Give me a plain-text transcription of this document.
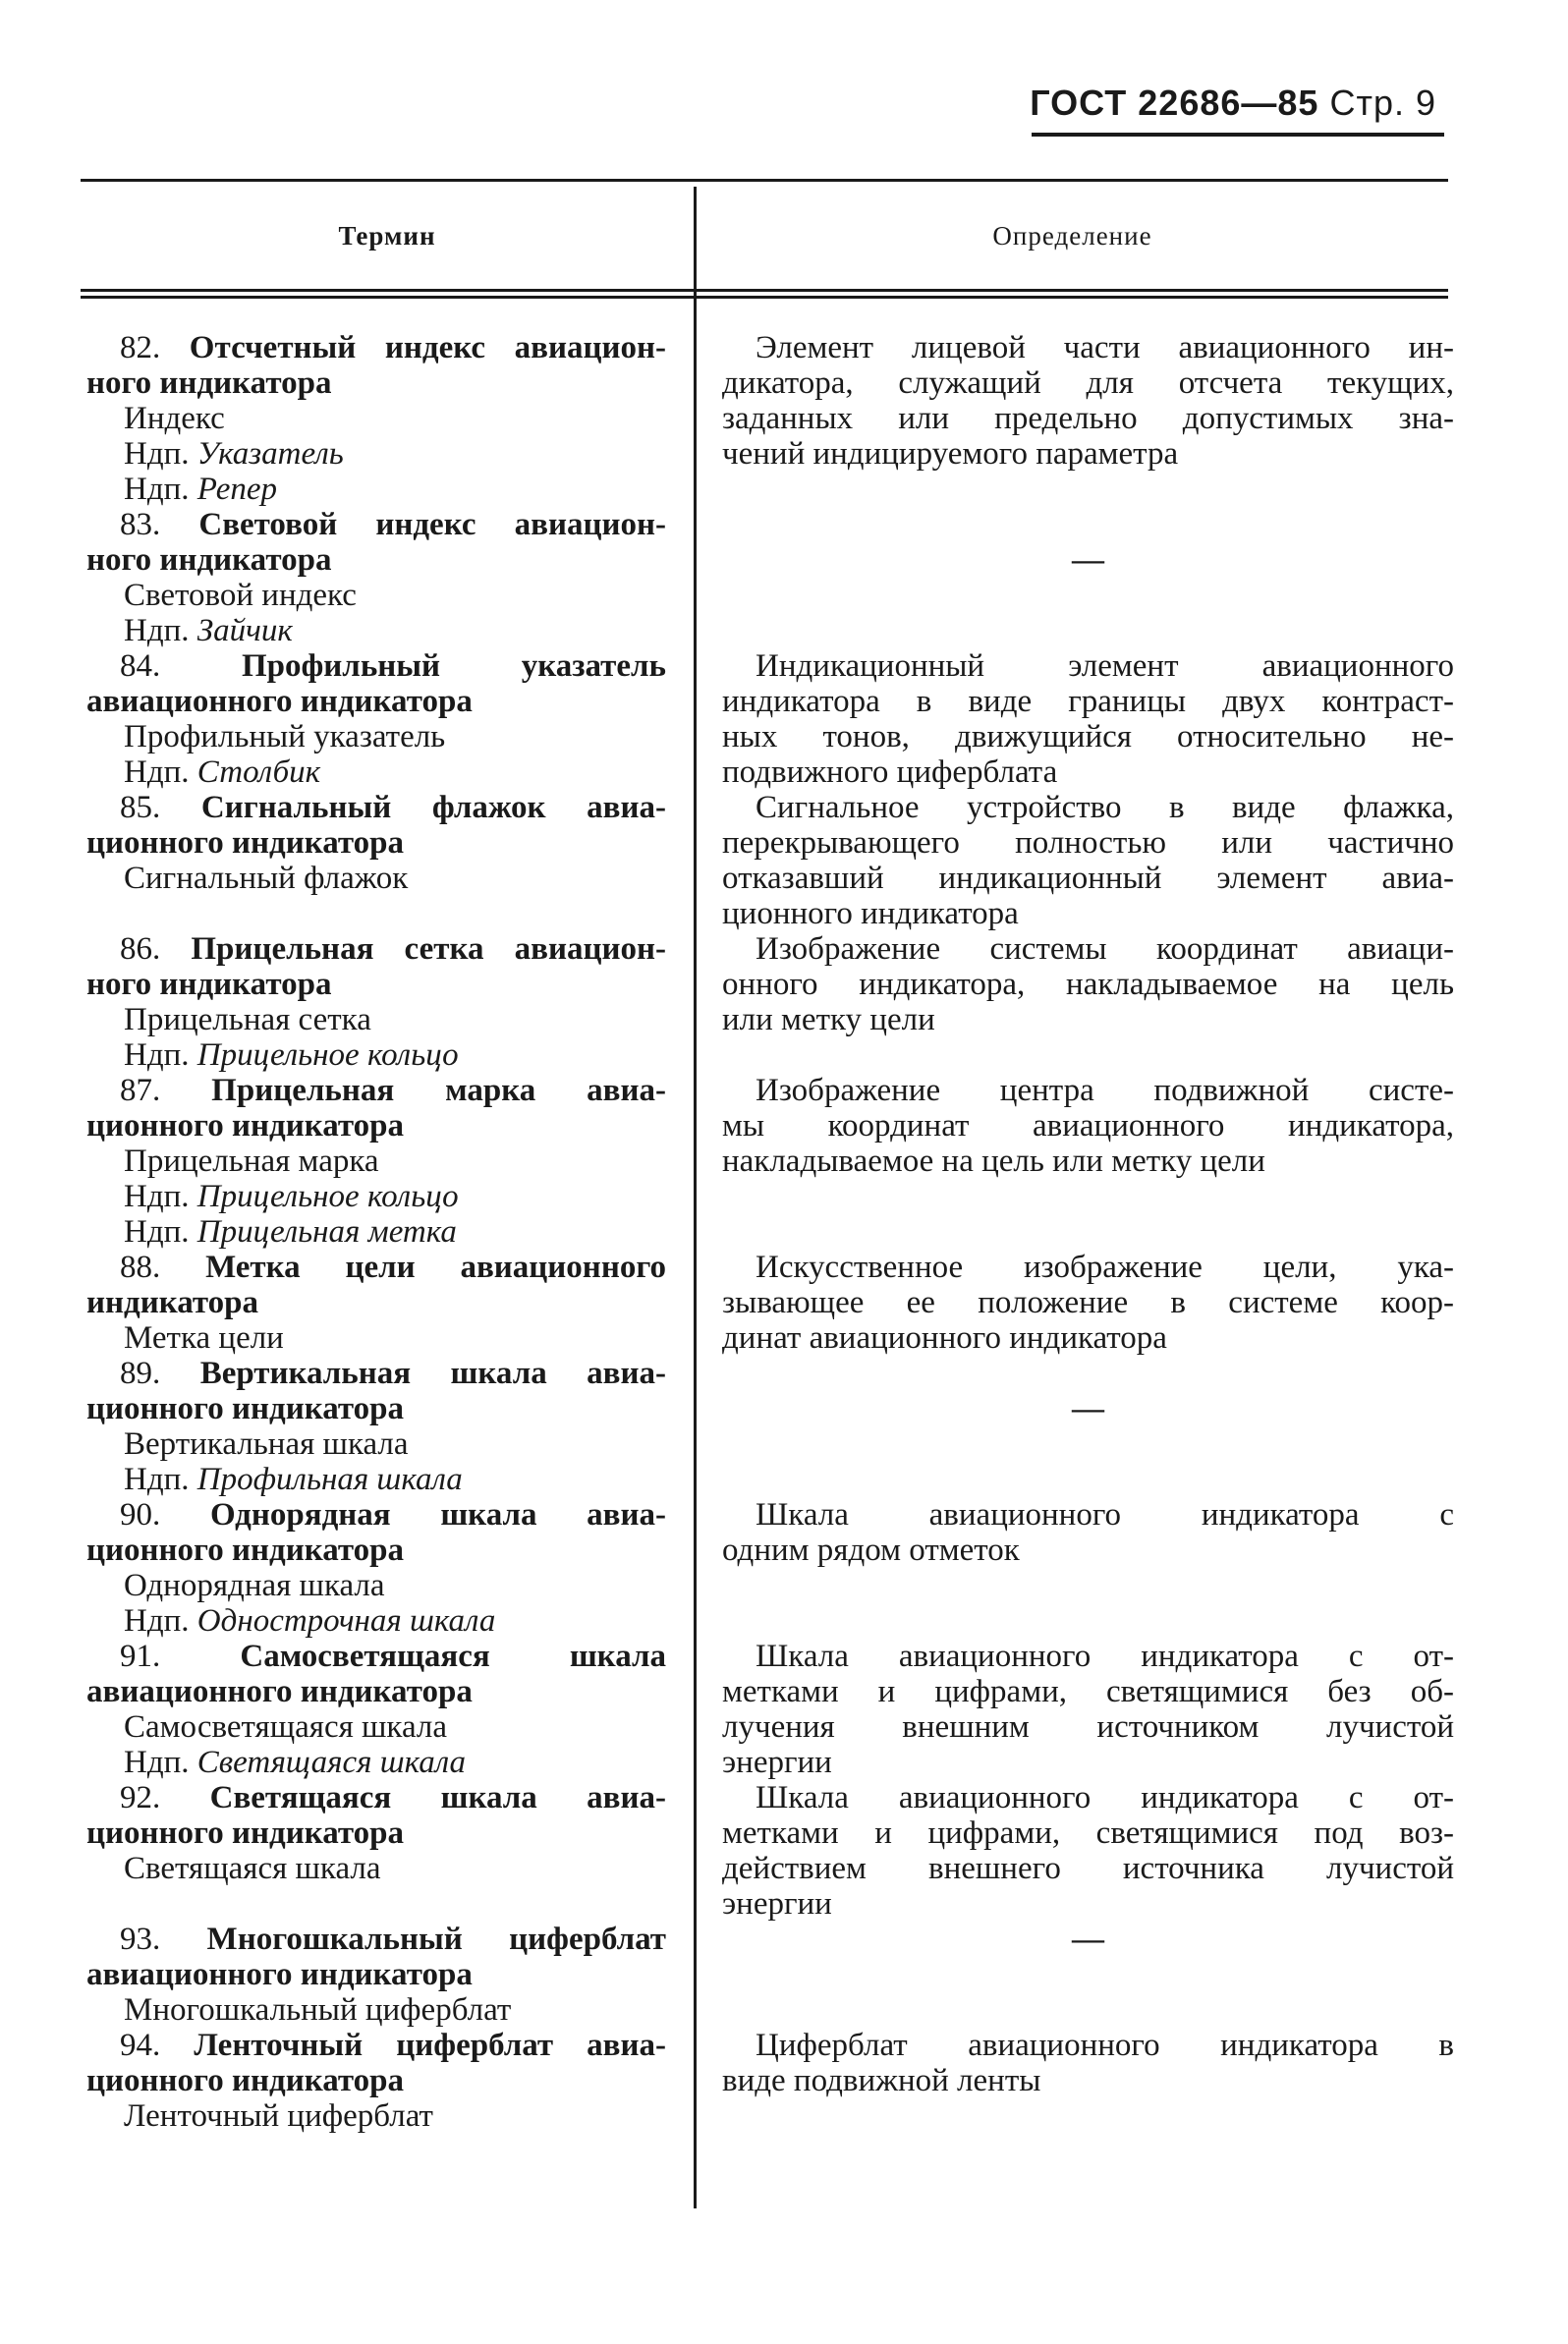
ГОСТ 22686—85 Стр. 9
Термин	Определение
82. Отсчетный индекс авиацион-
ного индикатора
Индекс
Ндп. Указатель
Ндп. Репер
83. Световой индекс авиацион-
ного индикатора
Световой индекс
Ндп. Зайчик
84.	Профильный указатель
авиационного индикатора
Профильный указатель
Ндп. Столбик
85. Сигнальный флажок авиа-
ционного индикатора
Сигнальный флажок
86. Прицельная сетка авиацион-
ного индикатора
Прицельная сетка
Ндп. Прицельное кольцо
87. Прицельная марка авиа-
ционного индикатора
Прицельная марка
Ндп. Прицельное кольцо
Ндп. Прицельная метка
88. Метка цели авиационного
индикатора
Метка цели
89. Вертикальная шкала авиа-
ционного индикатора
Вертикальная шкала
Ндп. Профильная шкала
90. Однорядная шкала авиа-
ционного индикатора
Однорядная шкала
Ндп. Однострочная шкала
91. Самосветящаяся шкала
авиационного индикатора
Самосветящаяся шкала
Ндп. Светящаяся шкала
92. Светящаяся шкала авиа-
ционного индикатора
Светящаяся шкала
93. Многошкальный циферблат
авиационного индикатора
Многошкальный циферблат
94. Ленточный циферблат авиа-
ционного индикатора
Ленточный циферблат
Элемент лицевой части авиационного ин-
дикатора, служащий для отсчета текущих,
заданных или предельно допустимых зна-
чений индицируемого параметра
—
Индикационный элемент авиационного
индикатора в виде границы двух контраст-
ных тонов, движущийся относительно не-
подвижного циферблата
Сигнальное устройство в виде флажка,
перекрывающего полностью или частично
отказавший индикационный элемент авиа-
ционного индикатора
Изображение системы координат авиаци-
онного индикатора, накладываемое на цель
или метку цели
Изображение центра подвижной систе-
мы координат авиационного индикатора,
накладываемое на цель или метку цели
Искусственное изображение цели, ука-
зывающее ее положение в системе коор-
динат авиационного индикатора
—
Шкала авиационного индикатора с
одним рядом отметок
Шкала авиационного индикатора с от-
метками и цифрами, светящимися без об-
лучения внешним источником лучистой
энергии
Шкала авиационного индикатора с от-
метками и цифрами, светящимися под воз-
действием внешнего источника лучистой
энергии
—
Циферблат авиационного индикатора в
виде подвижной ленты
